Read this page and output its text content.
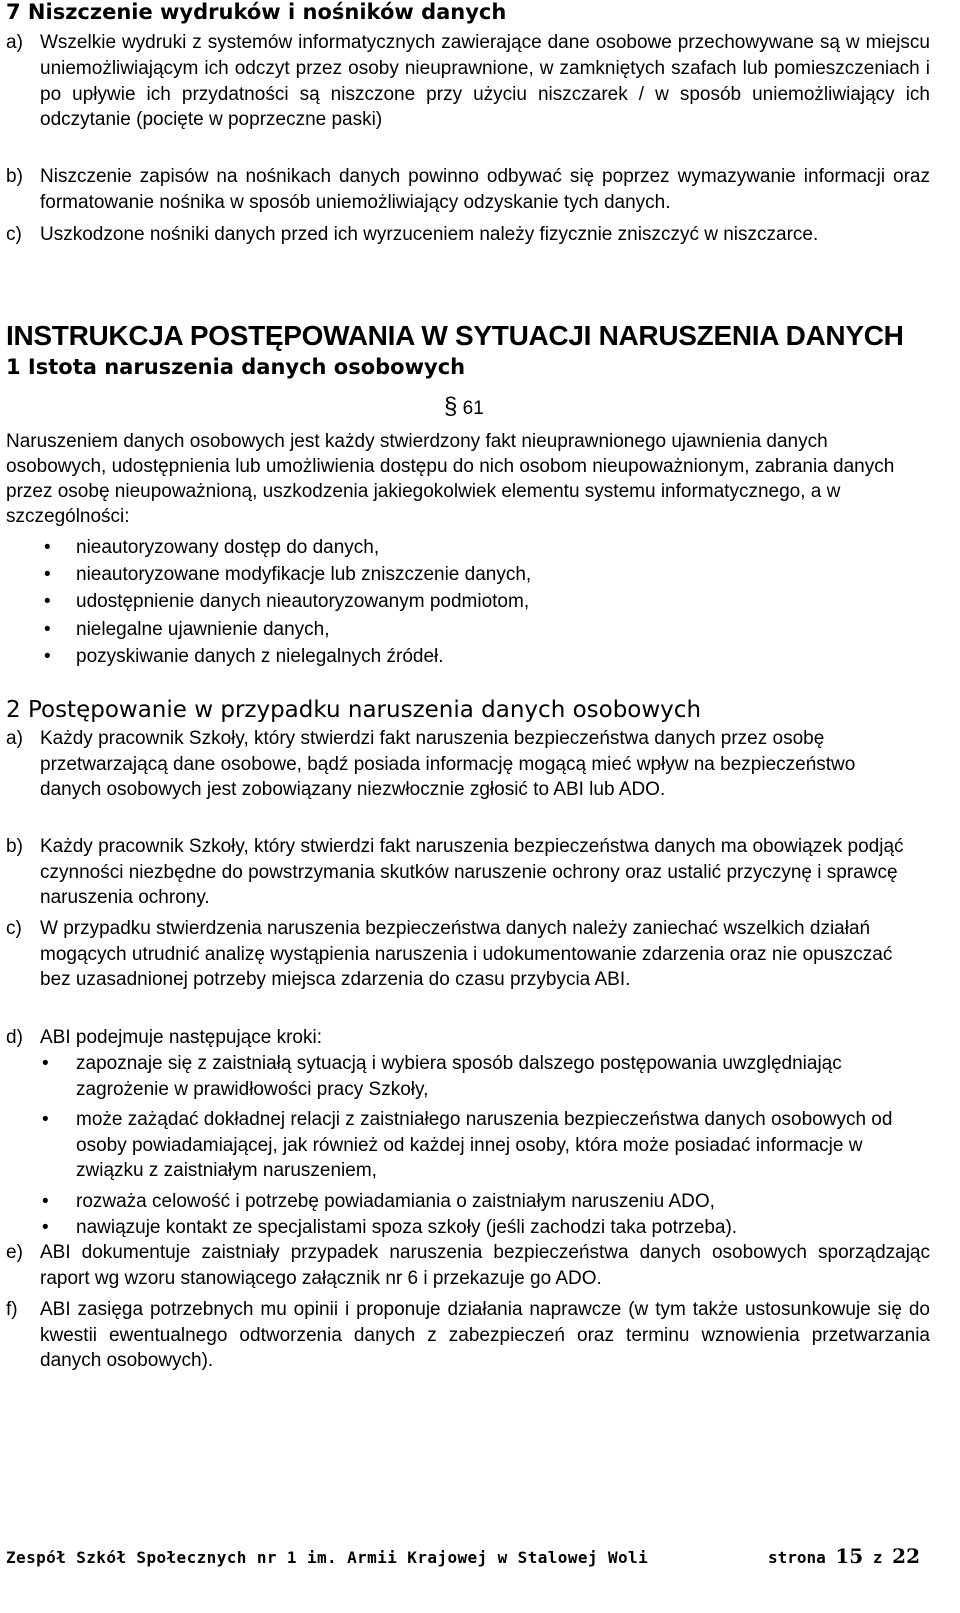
7 Niszczenie wydruków i nośników danych
a) Wszelkie wydruki z systemów informatycznych zawierające dane osobowe przechowywane są w miejscu uniemożliwiającym ich odczyt przez osoby nieuprawnione, w zamkniętych szafach lub pomieszczeniach i po upływie ich przydatności są niszczone przy użyciu niszczarek / w sposób uniemożliwiający ich odczytanie (pocięte w poprzeczne paski)
b) Niszczenie zapisów na nośnikach danych powinno odbywać się poprzez wymazywanie informacji oraz formatowanie nośnika w sposób uniemożliwiający odzyskanie tych danych.
c) Uszkodzone nośniki danych przed ich wyrzuceniem należy fizycznie zniszczyć w niszczarce.
INSTRUKCJA POSTĘPOWANIA W SYTUACJI NARUSZENIA DANYCH
1 Istota naruszenia danych osobowych
§ 61
Naruszeniem danych osobowych jest każdy stwierdzony fakt nieuprawnionego ujawnienia danych osobowych, udostępnienia lub umożliwienia dostępu do nich osobom nieupoważnionym, zabrania danych przez osobę nieupoważnioną, uszkodzenia jakiegokolwiek elementu systemu informatycznego, a w szczególności:
• nieautoryzowany dostęp do danych,
• nieautoryzowane modyfikacje lub zniszczenie danych,
• udostępnienie danych nieautoryzowanym podmiotom,
• nielegalne ujawnienie danych,
• pozyskiwanie danych z nielegalnych źródeł.
2 Postępowanie w przypadku naruszenia danych osobowych
a) Każdy pracownik Szkoły, który stwierdzi fakt naruszenia bezpieczeństwa danych przez osobę przetwarzającą dane osobowe, bądź posiada informację mogącą mieć wpływ na bezpieczeństwo danych osobowych jest zobowiązany niezwłocznie zgłosić to ABI lub ADO.
b) Każdy pracownik Szkoły, który stwierdzi fakt naruszenia bezpieczeństwa danych ma obowiązek podjąć czynności niezbędne do powstrzymania skutków naruszenie ochrony oraz ustalić przyczynę i sprawcę naruszenia ochrony.
c) W przypadku stwierdzenia naruszenia bezpieczeństwa danych należy zaniechać wszelkich działań mogących utrudnić analizę wystąpienia naruszenia i udokumentowanie zdarzenia oraz nie opuszczać bez uzasadnionej potrzeby miejsca zdarzenia do czasu przybycia ABI.
d) ABI podejmuje następujące kroki:
• zapoznaje się z zaistniałą sytuacją i wybiera sposób dalszego postępowania uwzględniając zagrożenie w prawidłowości pracy Szkoły,
• może zażądać dokładnej relacji z zaistniałego naruszenia bezpieczeństwa danych osobowych od osoby powiadamiającej, jak również od każdej innej osoby, która może posiadać informacje w związku z zaistniałym naruszeniem,
• rozważa celowość i potrzebę powiadamiania o zaistniałym naruszeniu ADO,
• nawiązuje kontakt ze specjalistami spoza szkoły (jeśli zachodzi taka potrzeba).
e) ABI dokumentuje zaistniały przypadek naruszenia bezpieczeństwa danych osobowych sporządzając raport wg wzoru stanowiącego załącznik nr 6 i przekazuje go ADO.
f) ABI zasięga potrzebnych mu opinii i proponuje działania naprawcze (w tym także ustosunkowuje się do kwestii ewentualnego odtworzenia danych z zabezpieczeń oraz terminu wznowienia przetwarzania danych osobowych).
Zespół Szkół Społecznych nr 1 im. Armii Krajowej w Stalowej Woli	strona 15 z 22
